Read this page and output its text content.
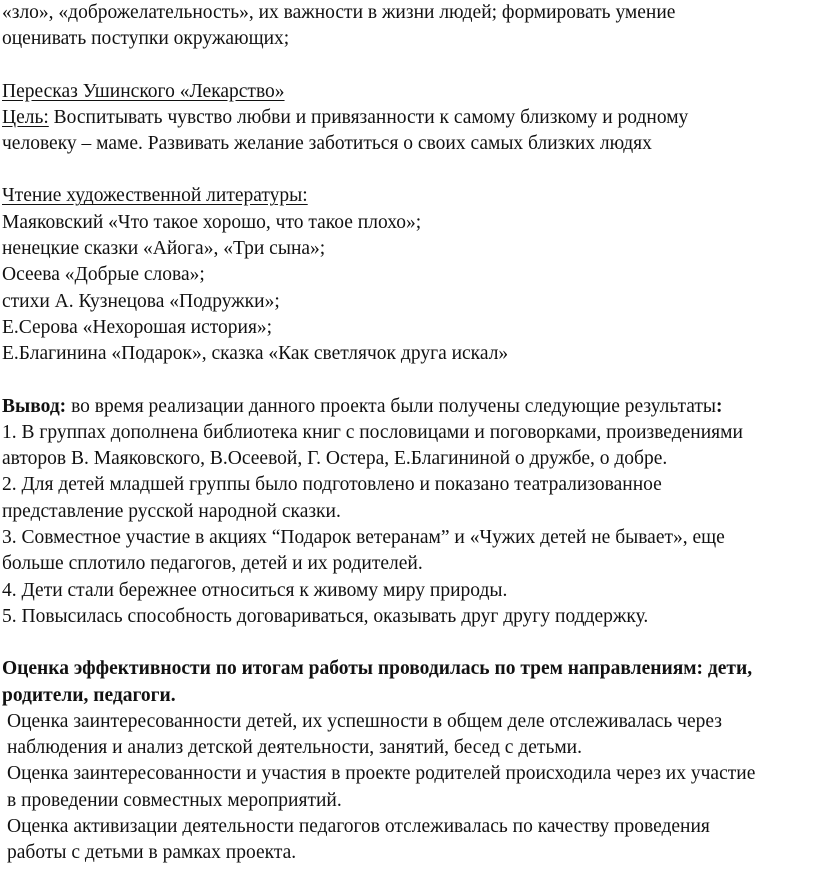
«зло», «доброжелательность», их важности в жизни людей; формировать умение

оценивать поступки окружающих;

Пересказ Ушинского «Лекарство»

Цель: Воспитывать чувство любви и привязанности к самому близкому и родному

человеку – маме. Развивать желание заботиться о своих самых близких людях

Чтение художественной литературы:

Маяковский «Что такое хорошо, что такое плохо»;

ненецкие сказки «Айога», «Три сына»;

Осеева «Добрые слова»;

стихи А. Кузнецова «Подружки»;

Е.Серова «Нехорошая история»;

Е.Благинина «Подарок», сказка «Как светлячок друга искал»

Вывод: во время реализации данного проекта были получены следующие результаты:

1. В группах дополнена библиотека книг с пословицами и поговорками, произведениями

авторов В. Маяковского, В.Осеевой, Г. Остера, Е.Благининой о дружбе, о добре.

2. Для детей младшей группы было подготовлено и показано театрализованное

представление русской народной сказки.

3. Совместное участие в акциях “Подарок ветеранам” и «Чужих детей не бывает», еще

больше сплотило педагогов, детей и их родителей.

4. Дети стали бережнее относиться к живому миру природы.

5. Повысилась способность договариваться, оказывать друг другу поддержку.

Оценка эффективности по итогам работы проводилась по трем направлениям: дети,

родители, педагоги.

Оценка заинтересованности детей, их успешности в общем деле отслеживалась через

наблюдения и анализ детской деятельности, занятий, бесед с детьми.

Оценка заинтересованности и участия в проекте родителей происходила через их участие

в проведении совместных мероприятий.

Оценка активизации деятельности педагогов отслеживалась по качеству проведения

работы с детьми в рамках проекта.
